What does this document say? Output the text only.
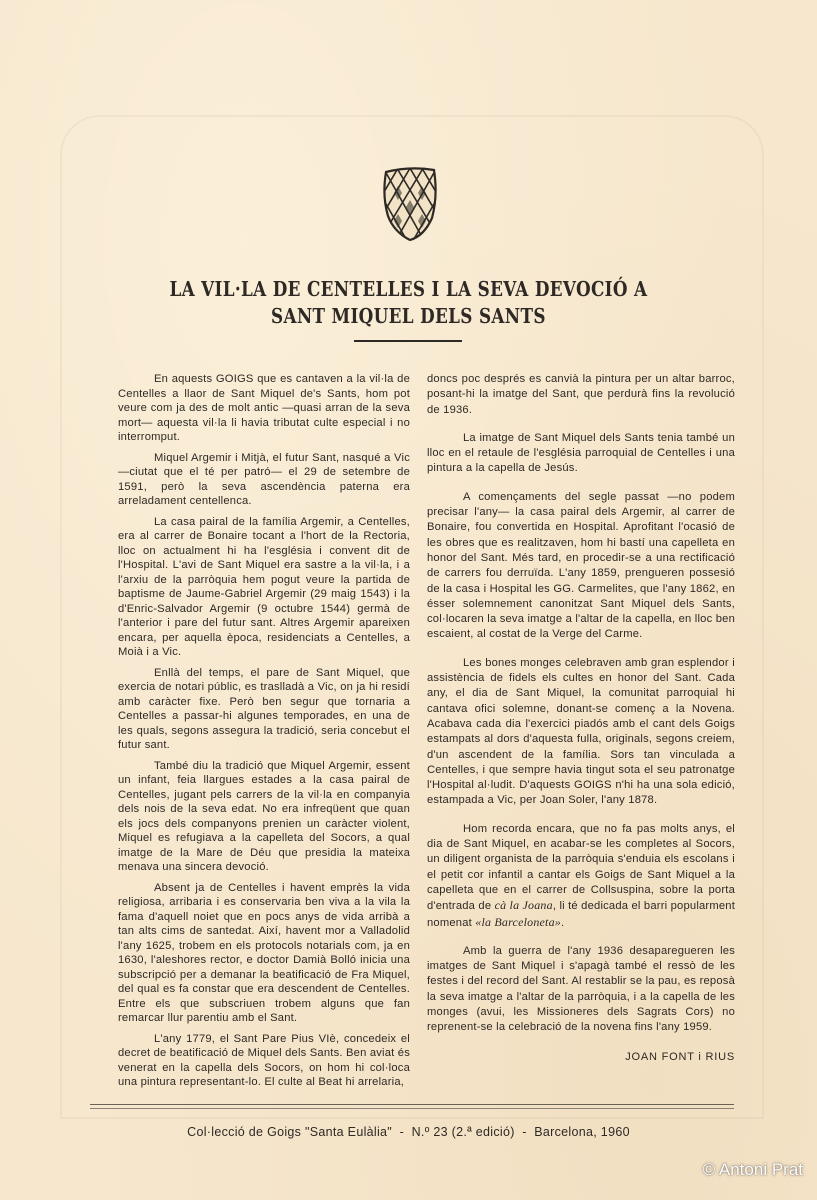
LA VIL·LA DE CENTELLES I LA SEVA DEVOCIÓ A
SANT MIQUEL DELS SANTS

En aquests GOIGS que es cantaven a la vil·la de Centelles a llaor de Sant Miquel de's Sants, hom pot veure com ja des de molt antic —quasi arran de la seva mort— aquesta vil·la li havia tributat culte especial i no interromput.

Miquel Argemir i Mitjà, el futur Sant, nasqué a Vic —ciutat que el té per patró— el 29 de setembre de 1591, però la seva ascendència paterna era arreladament centellenca.

La casa pairal de la família Argemir, a Centelles, era al carrer de Bonaire tocant a l'hort de la Rectoria, lloc on actualment hi ha l'església i convent dit de l'Hospital. L'avi de Sant Miquel era sastre a la vil·la, i a l'arxiu de la parròquia hem pogut veure la partida de baptisme de Jaume-Gabriel Argemir (29 maig 1543) i la d'Enric-Salvador Argemir (9 octubre 1544) germà de l'anterior i pare del futur sant. Altres Argemir apareixen encara, per aquella època, residenciats a Centelles, a Moià i a Vic.

Enllà del temps, el pare de Sant Miquel, que exercia de notari públic, es traslladà a Vic, on ja hi residí amb caràcter fixe. Però ben segur que tornaria a Centelles a passar-hi algunes temporades, en una de les quals, segons assegura la tradició, seria concebut el futur sant.

També diu la tradició que Miquel Argemir, essent un infant, feia llargues estades a la casa pairal de Centelles, jugant pels carrers de la vil·la en companyia dels nois de la seva edat. No era infreqüent que quan els jocs dels companyons prenien un caràcter violent, Miquel es refugiava a la capelleta del Socors, a qual imatge de la Mare de Déu que presidia la mateixa menava una sincera devoció.

Absent ja de Centelles i havent emprès la vida religiosa, arribaria i es conservaria ben viva a la vila la fama d'aquell noiet que en pocs anys de vida arribà a tan alts cims de santedat. Així, havent mor a Valladolid l'any 1625, trobem en els protocols notarials com, ja en 1630, l'aleshores rector, e doctor Damià Bolló inicia una subscripció per a demanar la beatificació de Fra Miquel, del qual es fa constar que era descendent de Centelles. Entre els que subscriuen trobem alguns que fan remarcar llur parentiu amb el Sant.

L'any 1779, el Sant Pare Pius VIè, concedeix el decret de beatificació de Miquel dels Sants. Ben aviat és venerat en la capella dels Socors, on hom hi col·loca una pintura representant-lo. El culte al Beat hi arrelaria,

doncs poc després es canvià la pintura per un altar barroc, posant-hi la imatge del Sant, que perdurà fins la revolució de 1936.

La imatge de Sant Miquel dels Sants tenia també un lloc en el retaule de l'església parroquial de Centelles i una pintura a la capella de Jesús.

A començaments del segle passat —no podem precisar l'any— la casa pairal dels Argemir, al carrer de Bonaire, fou convertida en Hospital. Aprofitant l'ocasió de les obres que es realitzaven, hom hi bastí una capelleta en honor del Sant. Més tard, en procedir-se a una rectificació de carrers fou derruïda. L'any 1859, prengueren possesió de la casa i Hospital les GG. Carmelites, que l'any 1862, en ésser solemnement canonitzat Sant Miquel dels Sants, col·locaren la seva imatge a l'altar de la capella, en lloc ben escaient, al costat de la Verge del Carme.

Les bones monges celebraven amb gran esplendor i assistència de fidels els cultes en honor del Sant. Cada any, el dia de Sant Miquel, la comunitat parroquial hi cantava ofici solemne, donant-se començ a la Novena. Acabava cada dia l'exercici piadós amb el cant dels Goigs estampats al dors d'aquesta fulla, originals, segons creiem, d'un ascendent de la família. Sors tan vinculada a Centelles, i que sempre havia tingut sota el seu patronatge l'Hospital al·ludit. D'aquests GOIGS n'hi ha una sola edició, estampada a Vic, per Joan Soler, l'any 1878.

Hom recorda encara, que no fa pas molts anys, el dia de Sant Miquel, en acabar-se les completes al Socors, un diligent organista de la parròquia s'enduia els escolans i el petit cor infantil a cantar els Goigs de Sant Miquel a la capelleta que en el carrer de Collsuspina, sobre la porta d'entrada de cà la Joana, li té dedicada el barri popularment nomenat «la Barceloneta».

Amb la guerra de l'any 1936 desaparegueren les imatges de Sant Miquel i s'apagà també el ressò de les festes i del record del Sant. Al restablir se la pau, es reposà la seva imatge a l'altar de la parròquia, i a la capella de les monges (avui, les Missioneres dels Sagrats Cors) no reprenent-se la celebració de la novena fins l'any 1959.

JOAN FONT i RIUS
Col·lecció de Goigs "Santa Eulàlia"  -  N.º 23 (2.ª edició)  -  Barcelona, 1960
© Antoni Prat
